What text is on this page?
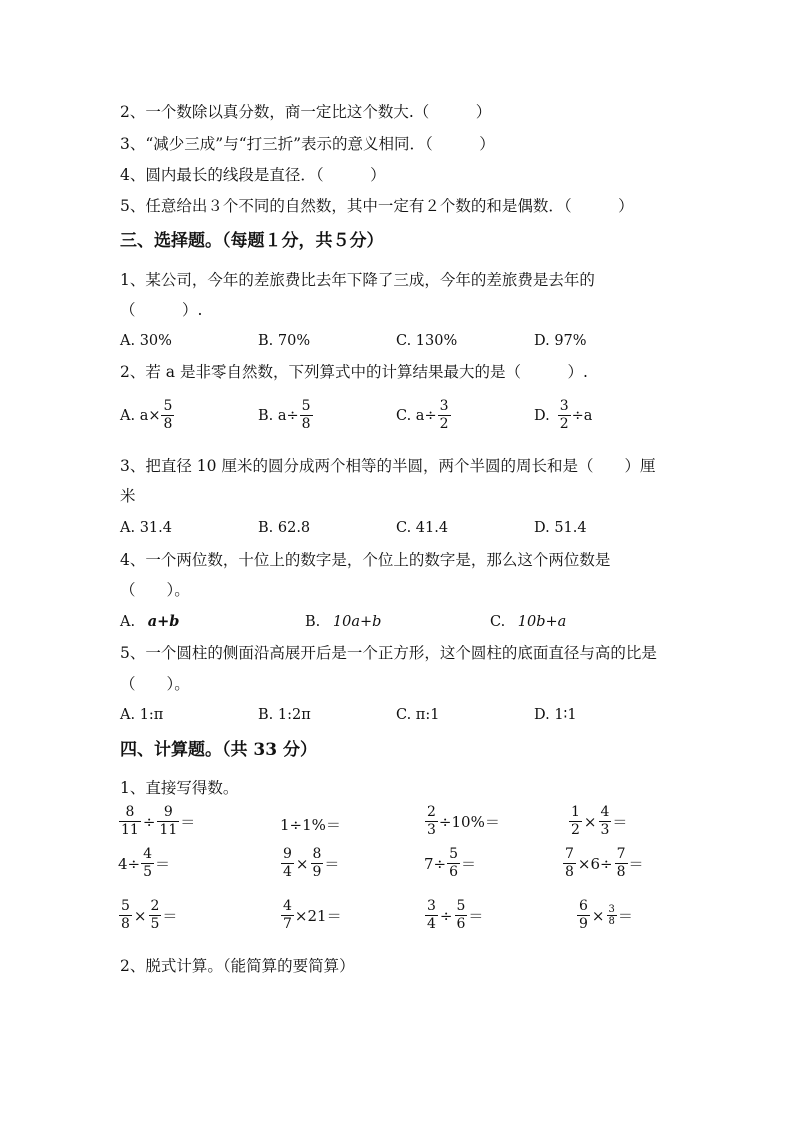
2、一个数除以真分数，商一定比这个数大.（　　　）
3、“减少三成”与“打三折”表示的意义相同．（　　　）
4、圆内最长的线段是直径．（　　　）
5、任意给出３个不同的自然数，其中一定有２个数的和是偶数．（　　　）
三、选择题。（每题１分，共５分）
1、某公司，今年的差旅费比去年下降了三成，今年的差旅费是去年的
（　　　）.
A. 30%	B. 70%	C. 130%	D. 97%
2、若 a 是非零自然数，下列算式中的计算结果最大的是（　　　）.
A. $a\times \frac{5}{8}$	B. $a\div \frac{5}{8}$	C. $a\div \frac{3}{2}$	D. $\frac{3}{2} \div a$
3、把直径 10 厘米的圆分成两个相等的半圆，两个半圆的周长和是（　　）厘
米
A. 31.4	B. 62.8	C. 41.4	D. 51.4
4、一个两位数，十位上的数字是，个位上的数字是，那么这个两位数是
（　　）。
A. a+b	B. 10a+b	C. 10b+a
5、一个圆柱的侧面沿高展开后是一个正方形，这个圆柱的底面直径与高的比是
（　　）。
A. 1:π	B. 1:2π	C. π:1	D. 1∶1
四、计算题。（共 33 分）
1、直接写得数。
$\frac{8}{11} \div \frac{9}{11}$ ＝	1÷1%＝	$\frac{2}{3} \div 10\%=$	$\frac{1}{2} \times \frac{4}{3}$ ＝
$4\div \frac{4}{5}$ ＝	$\frac{9}{4} \times \frac{8}{9}$ ＝	$7\div \frac{5}{6}$ ＝	$\frac{7}{8} \times 6\div \frac{7}{8}$ ＝
$\frac{5}{8} \times \frac{2}{5}$ ＝	$\frac{4}{7} \times 21=$	$\frac{3}{4} \div \frac{5}{6}$ ＝	$\frac{6}{9} \times \frac{3}{8}$ ＝
2、脱式计算。（能简算的要简算）
